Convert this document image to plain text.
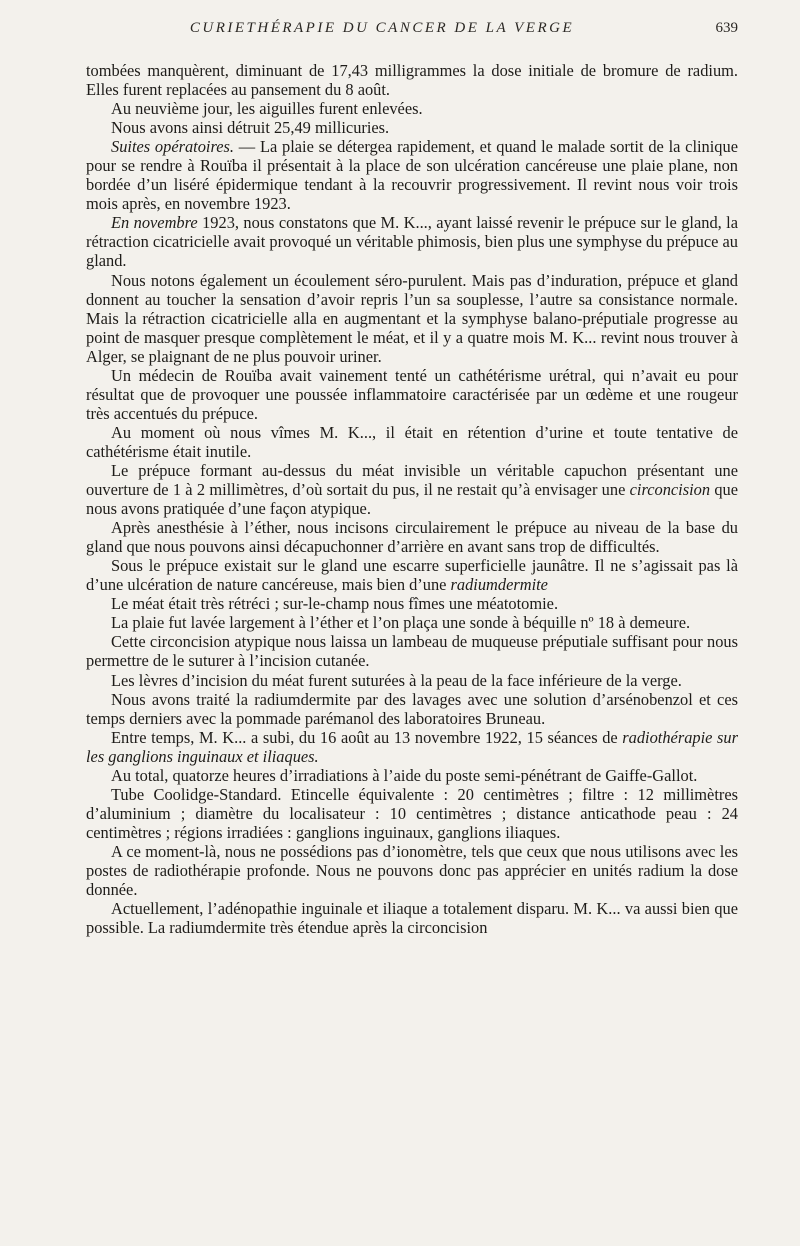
CURIETHÉRAPIE DU CANCER DE LA VERGE	639

tombées manquèrent, diminuant de 17,43 milligrammes la dose initiale de bromure de radium. Elles furent replacées au pansement du 8 août.

Au neuvième jour, les aiguilles furent enlevées.

Nous avons ainsi détruit 25,49 millicuries.

Suites opératoires. — La plaie se détergea rapidement, et quand le malade sortit de la clinique pour se rendre à Rouïba il présentait à la place de son ulcération cancéreuse une plaie plane, non bordée d’un liséré épidermique tendant à la recouvrir progressivement. Il revint nous voir trois mois après, en novembre 1923.

En novembre 1923, nous constatons que M. K..., ayant laissé revenir le prépuce sur le gland, la rétraction cicatricielle avait provoqué un véritable phimosis, bien plus une symphyse du prépuce au gland.

Nous notons également un écoulement séro-purulent. Mais pas d’induration, prépuce et gland donnent au toucher la sensation d’avoir repris l’un sa souplesse, l’autre sa consistance normale. Mais la rétraction cicatricielle alla en augmentant et la symphyse balano-préputiale progresse au point de masquer presque complètement le méat, et il y a quatre mois M. K... revint nous trouver à Alger, se plaignant de ne plus pouvoir uriner.

Un médecin de Rouïba avait vainement tenté un cathétérisme urétral, qui n’avait eu pour résultat que de provoquer une poussée inflammatoire caractérisée par un œdème et une rougeur très accentués du prépuce.

Au moment où nous vîmes M. K..., il était en rétention d’urine et toute tentative de cathétérisme était inutile.

Le prépuce formant au-dessus du méat invisible un véritable capuchon présentant une ouverture de 1 à 2 millimètres, d’où sortait du pus, il ne restait qu’à envisager une circoncision que nous avons pratiquée d’une façon atypique.

Après anesthésie à l’éther, nous incisons circulairement le prépuce au niveau de la base du gland que nous pouvons ainsi décapuchonner d’arrière en avant sans trop de difficultés.

Sous le prépuce existait sur le gland une escarre superficielle jaunâtre. Il ne s’agissait pas là d’une ulcération de nature cancéreuse, mais bien d’une radiumdermite

Le méat était très rétréci ; sur-le-champ nous fîmes une méatotomie.

La plaie fut lavée largement à l’éther et l’on plaça une sonde à béquille nº 18 à demeure.

Cette circoncision atypique nous laissa un lambeau de muqueuse préputiale suffisant pour nous permettre de le suturer à l’incision cutanée.

Les lèvres d’incision du méat furent suturées à la peau de la face inférieure de la verge.

Nous avons traité la radiumdermite par des lavages avec une solution d’arsénobenzol et ces temps derniers avec la pommade parémanol des laboratoires Bruneau.

Entre temps, M. K... a subi, du 16 août au 13 novembre 1922, 15 séances de radiothérapie sur les ganglions inguinaux et iliaques.

Au total, quatorze heures d’irradiations à l’aide du poste semi-pénétrant de Gaiffe-Gallot.

Tube Coolidge-Standard. Etincelle équivalente : 20 centimètres ; filtre : 12 millimètres d’aluminium ; diamètre du localisateur : 10 centimètres ; distance anticathode peau : 24 centimètres ; régions irradiées : ganglions inguinaux, ganglions iliaques.

A ce moment-là, nous ne possédions pas d’ionomètre, tels que ceux que nous utilisons avec les postes de radiothérapie profonde. Nous ne pouvons donc pas apprécier en unités radium la dose donnée.

Actuellement, l’adénopathie inguinale et iliaque a totalement disparu. M. K... va aussi bien que possible. La radiumdermite très étendue après la circoncision
